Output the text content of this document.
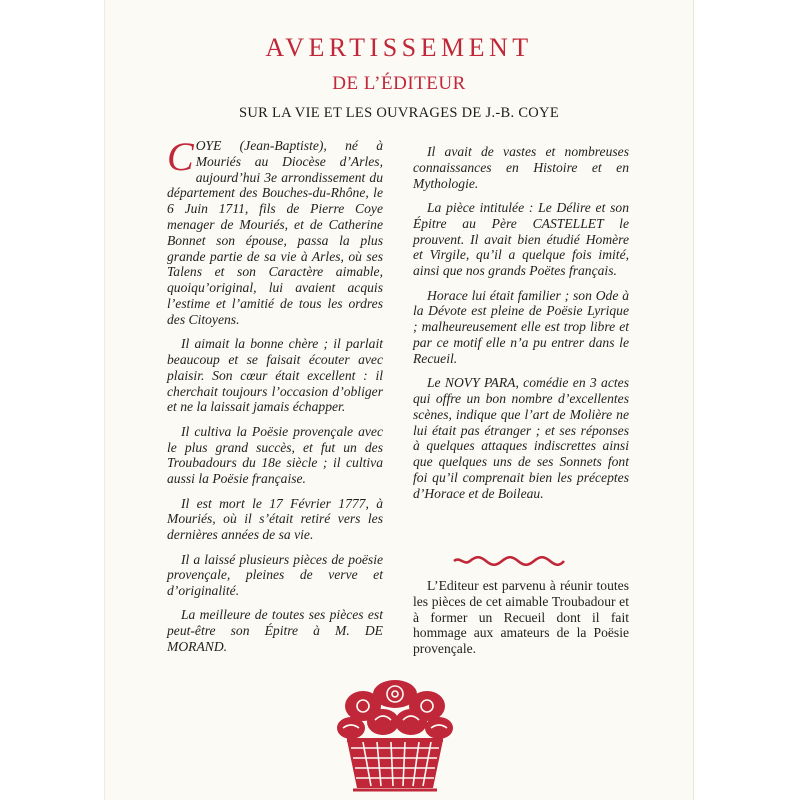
AVERTISSEMENT
DE L’ÉDITEUR
SUR LA VIE ET LES OUVRAGES DE J.-B. COYE

COYE (Jean-Baptiste), né à Mouriés au Diocèse d’Arles, aujourd’hui 3e arrondissement du département des Bouches-du-Rhône, le 6 Juin 1711, fils de Pierre Coye menager de Mouriés, et de Catherine Bonnet son épouse, passa la plus grande partie de sa vie à Arles, où ses Talens et son Caractère aimable, quoiqu’original, lui avaient acquis l’estime et l’amitié de tous les ordres des Citoyens.

Il aimait la bonne chère ; il parlait beaucoup et se faisait écouter avec plaisir. Son cœur était excellent : il cherchait toujours l’occasion d’obliger et ne la laissait jamais échapper.

Il cultiva la Poësie provençale avec le plus grand succès, et fut un des Troubadours du 18e siècle ; il cultiva aussi la Poësie française.

Il est mort le 17 Février 1777, à Mouriés, où il s’était retiré vers les dernières années de sa vie.

Il a laissé plusieurs pièces de poësie provençale, pleines de verve et d’originalité.

La meilleure de toutes ses pièces est peut-être son Épitre à M. DE MORAND.

Il avait de vastes et nombreuses connaissances en Histoire et en Mythologie.

La pièce intitulée : Le Délire et son Épitre au Père CASTELLET le prouvent. Il avait bien étudié Homère et Virgile, qu’il a quelque fois imité, ainsi que nos grands Poëtes français.

Horace lui était familier ; son Ode à la Dévote est pleine de Poësie Lyrique ; malheureusement elle est trop libre et par ce motif elle n’a pu entrer dans le Recueil.

Le NOVY PARA, comédie en 3 actes qui offre un bon nombre d’excellentes scènes, indique que l’art de Molière ne lui était pas étranger ; et ses réponses à quelques attaques indiscrettes ainsi que quelques uns de ses Sonnets font foi qu’il comprenait bien les préceptes d’Horace et de Boileau.

L’Editeur est parvenu à réunir toutes les pièces de cet aimable Troubadour et à former un Recueil dont il fait hommage aux amateurs de la Poësie provençale.
